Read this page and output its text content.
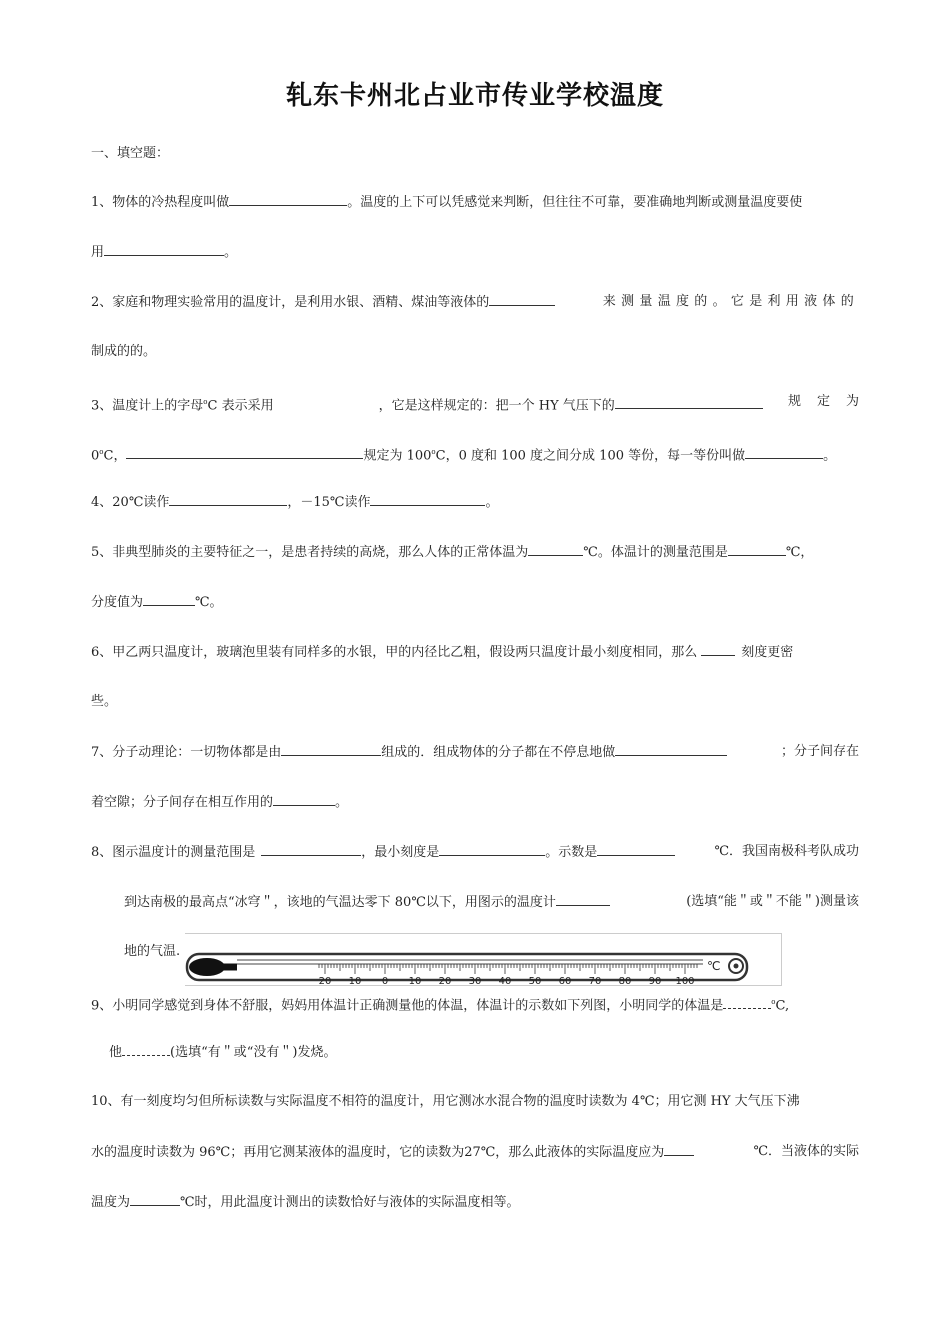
轧东卡州北占业市传业学校温度
一、填空题：
1、物体的冷热程度叫做	。温度的上下可以凭感觉来判断，但往往不可靠，要准确地判断或测量温度要使
用	。
2、家庭和物理实验常用的温度计，是利用水银、酒精、煤油等液体的	来测量温度的。它是利用液体的
制成的的。
3、温度计上的字母$^o$C 表示采用	，它是这样规定的：把一个 HY 气压下的	规定为
0$^o$C，	规定为 100$^o$C，0 度和 100 度之间分成 100 等份，每一等份叫做	。
4、20℃读作	，－15℃读作	。
5、非典型肺炎的主要特征之一，是患者持续的高烧，那么人体的正常体温为	℃。体温计的测量范围是	℃，
分度值为	℃。
6、甲乙两只温度计，玻璃泡里装有同样多的水银，甲的内径比乙粗，假设两只温度计最小刻度相同，那么	刻度更密
些。
7、分子动理论：一切物体都是由	组成的．组成物体的分子都在不停息地做	；分子间存在
着空隙；分子间存在相互作用的	。
8、图示温度计的测量范围是	，最小刻度是	。示数是	℃．我国南极科考队成功
到达南极的最高点“冰穹＂，该地的气温达零下 80℃以下，用图示的温度计	(选填“能＂或＂不能＂)测量该
地的气温.
20 10 0 10 20 30 40 50 60 70 80 90 100
℃
9、小明同学感觉到身体不舒服，妈妈用体温计正确测量他的体温，体温计的示数如下列图，小明同学的体温是	$^o$C,
他	(选填“有＂或“没有＂)发烧。
10、有一刻度均匀但所标读数与实际温度不相符的温度计，用它测冰水混合物的温度时读数为 4℃；用它测 HY 大气压下沸
水的温度时读数为 96℃；再用它测某液体的温度时，它的读数为27℃，那么此液体的实际温度应为	℃．当液体的实际
温度为	℃时，用此温度计测出的读数恰好与液体的实际温度相等。
